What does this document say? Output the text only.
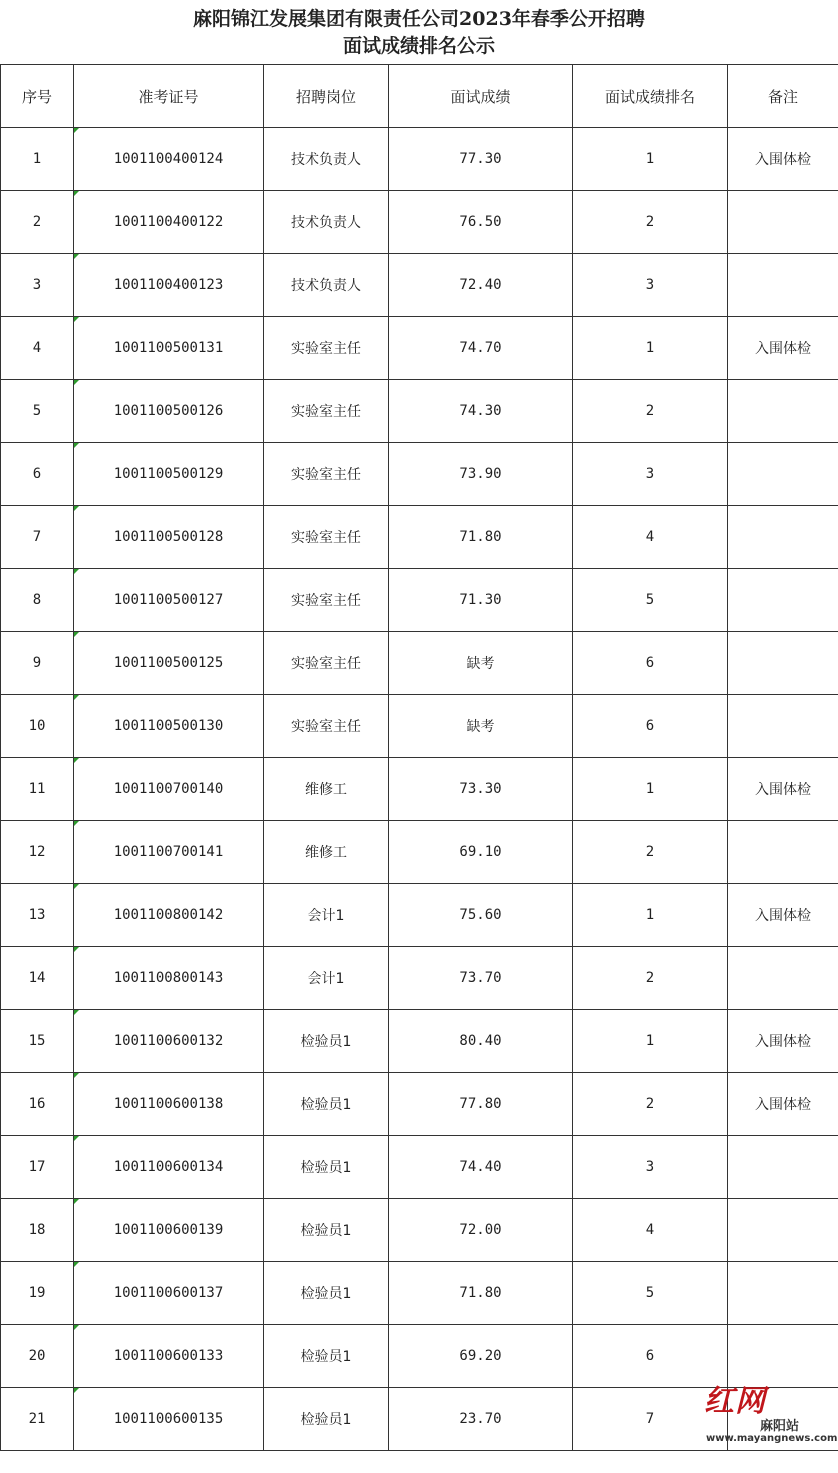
麻阳锦江发展集团有限责任公司2023年春季公开招聘
面试成绩排名公示
序号	准考证号	招聘岗位	面试成绩	面试成绩排名	备注
1	1001100400124	技术负责人	77.30	1	入围体检
2	1001100400122	技术负责人	76.50	2	
3	1001100400123	技术负责人	72.40	3	
4	1001100500131	实验室主任	74.70	1	入围体检
5	1001100500126	实验室主任	74.30	2	
6	1001100500129	实验室主任	73.90	3	
7	1001100500128	实验室主任	71.80	4	
8	1001100500127	实验室主任	71.30	5	
9	1001100500125	实验室主任	缺考	6	
10	1001100500130	实验室主任	缺考	6	
11	1001100700140	维修工	73.30	1	入围体检
12	1001100700141	维修工	69.10	2	
13	1001100800142	会计1	75.60	1	入围体检
14	1001100800143	会计1	73.70	2	
15	1001100600132	检验员1	80.40	1	入围体检
16	1001100600138	检验员1	77.80	2	入围体检
17	1001100600134	检验员1	74.40	3	
18	1001100600139	检验员1	72.00	4	
19	1001100600137	检验员1	71.80	5	
20	1001100600133	检验员1	69.20	6	
21	1001100600135	检验员1	23.70	7	红网
麻阳站
www.mayangnews.com
